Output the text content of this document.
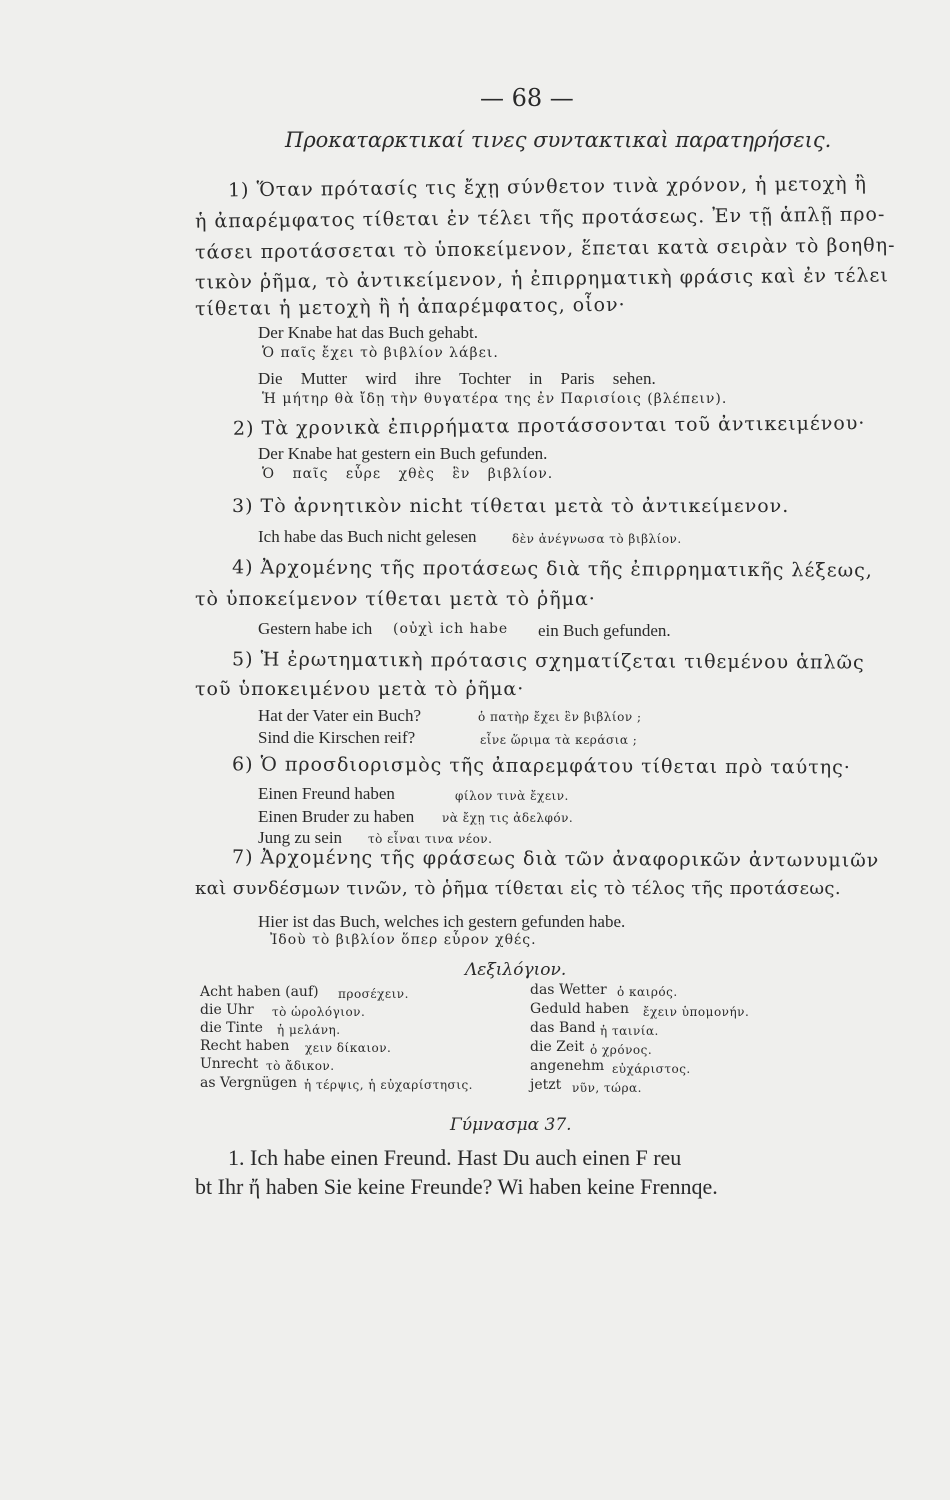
— 68 —
Προκαταρκτικαί τινες συντακτικαὶ παρατηρήσεις.
1) Ὅταν πρότασίς τις ἔχῃ σύνθετον τινὰ χρόνον, ἡ μετοχὴ ἢ
ἡ ἀπαρέμφατος τίθεται ἐν τέλει τῆς προτάσεως. Ἐν τῇ ἁπλῇ προ-
τάσει προτάσσεται τὸ ὑποκείμενον, ἕπεται κατὰ σειρὰν τὸ βοηθη-
τικὸν ῥῆμα, τὸ ἀντικείμενον, ἡ ἐπιρρηματικὴ φράσις καὶ ἐν τέλει
τίθεται ἡ μετοχὴ ἢ ἡ ἀπαρέμφατος, οἷον·
Der Knabe hat das Buch gehabt.
Ὁ παῖς ἔχει τὸ βιβλίον λάβει.
Die Mutter wird ihre Tochter in Paris sehen.
Ἡ μήτηρ θὰ ἴδῃ τὴν θυγατέρα της ἐν Παρισίοις (βλέπειν).
2) Τὰ χρονικὰ ἐπιρρήματα προτάσσονται τοῦ ἀντικειμένου·
Der Knabe hat gestern ein Buch gefunden.
Ὁ παῖς εὗρε χθὲς ἓν βιβλίον.
3) Τὸ ἀρνητικὸν nicht τίθεται μετὰ τὸ ἀντικείμενον.
Ich habe das Buch nicht gelesen	δὲν ἀνέγνωσα τὸ βιβλίον.
4) Ἀρχομένης τῆς προτάσεως διὰ τῆς ἐπιρρηματικῆς λέξεως,
τὸ ὑποκείμενον τίθεται μετὰ τὸ ῥῆμα·
Gestern habe ich (οὐχὶ ich habe ein Buch gefunden.
5) Ἡ ἐρωτηματικὴ πρότασις σχηματίζεται τιθεμένου ἁπλῶς
τοῦ ὑποκειμένου μετὰ τὸ ῥῆμα·
Hat der Vater ein Buch?	ὁ πατὴρ ἔχει ἓν βιβλίον ;
Sind die Kirschen reif?	εἶνε ὥριμα τὰ κεράσια ;
6) Ὁ προσδιορισμὸς τῆς ἀπαρεμφάτου τίθεται πρὸ ταύτης·
Einen Freund haben	φίλον τινὰ ἔχειν.
Einen Bruder zu haben νὰ ἔχῃ τις ἀδελφόν.
Jung zu sein τὸ εἶναι τινα νέον.
7) Ἀρχομένης τῆς φράσεως διὰ τῶν ἀναφορικῶν ἀντωνυμιῶν
καὶ συνδέσμων τινῶν, τὸ ῥῆμα τίθεται εἰς τὸ τέλος τῆς προτάσεως.
Hier ist das Buch, welches ich gestern gefunden habe.
Ἰδοὺ τὸ βιβλίον ὅπερ εὗρον χθές.
Λεξιλόγιον.
Acht haben (auf) προσέχειν.
die Uhr τὸ ὡρολόγιον.
die Tinte ἡ μελάνη.
Recht haben χειν δίκαιον.
Unrecht τὸ ἄδικον.
as Vergnügen ἡ τέρψις, ἡ εὐχαρίστησις.
das Wetter ὁ καιρός.
Geduld haben ἔχειν ὑπομονήν.
das Band ἡ ταινία.
die Zeit ὁ χρόνος.
angenehm εὐχάριστος.
jetzt νῦν, τώρα.
Γύμνασμα 37.
1. Ich habe einen Freund. Hast Du auch einen F reu
bt Ihr ἤ haben Sie keine Freunde? Wi haben keine Frennqe.
